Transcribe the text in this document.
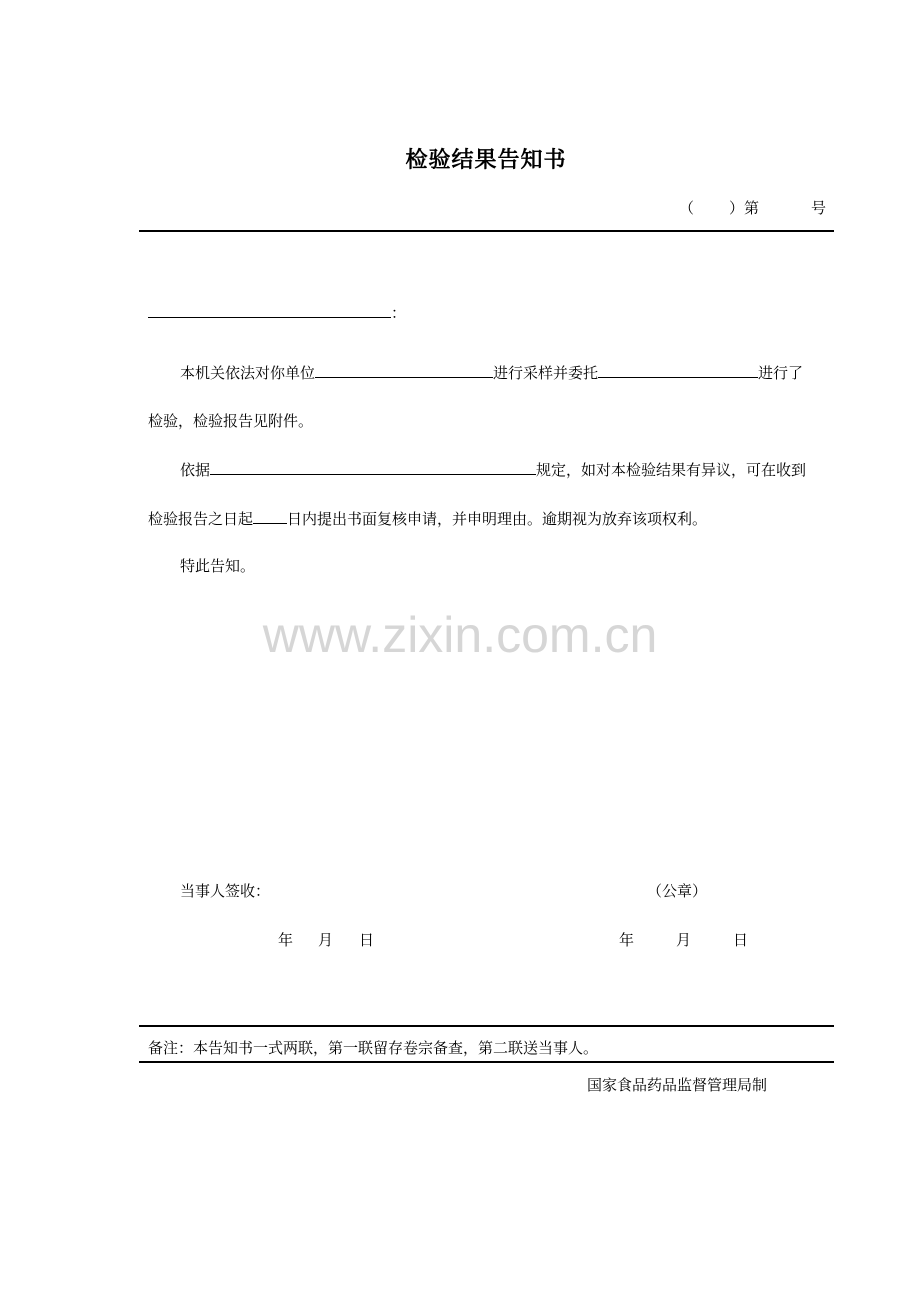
检验结果告知书
（ ）第	号
：
本机关依法对你单位	进行采样并委托	进行了
检验，检验报告见附件。
依据	规定，如对本检验结果有异议，可在收到
检验报告之日起 日内提出书面复核申请，并申明理由。逾期视为放弃该项权利。
特此告知。
www.zixin.com.cn
当事人签收：	（公章）
年 月 日	年	月	日
备注：本告知书一式两联，第一联留存卷宗备查，第二联送当事人。
国家食品药品监督管理局制
